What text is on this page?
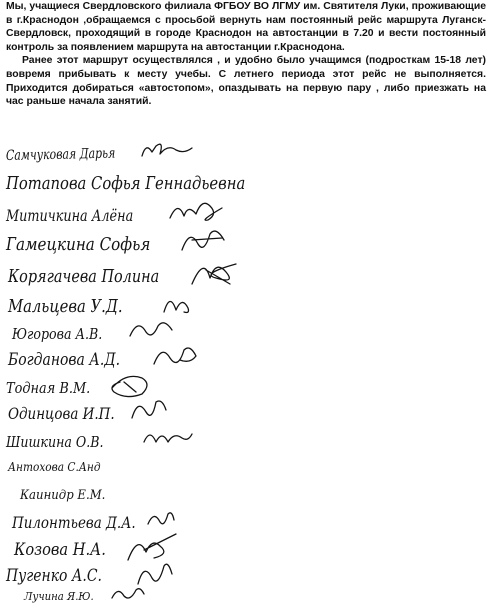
Мы, учащиеся Свердловского филиала ФГБОУ ВО ЛГМУ им. Святителя Луки, проживающие в г.Краснодон ,обращаемся с просьбой вернуть нам постоянный рейс маршрута Луганск-Свердловск, проходящий в городе Краснодон на автостанции в 7.20 и вести постоянный контроль за появлением маршрута на автостанции г.Краснодона.

Ранее этот маршрут осуществлялся , и удобно было учащимся (подросткам 15-18 лет) вовремя прибывать к месту учебы. С летнего периода этот рейс не выполняется. Приходится добираться «автостопом», опаздывать на первую пару , либо приезжать на час раньше начала занятий.

Самчуковая Дарья
Потапова Софья Геннадьевна
Митичкина Алёна
Гамецкина Софья
Корягачева Полина
Мальцева У.Д.
Югорова А.В.
Богданова А.Д.
Тодная В.М.
Одинцова И.П.
Шишкина О.В.
Антохова С.Анд
Каинидр Е.М.
Пилонтьева Д.А.
Козова Н.А.
Пугенко А.С.
Лучина Я.Ю.
